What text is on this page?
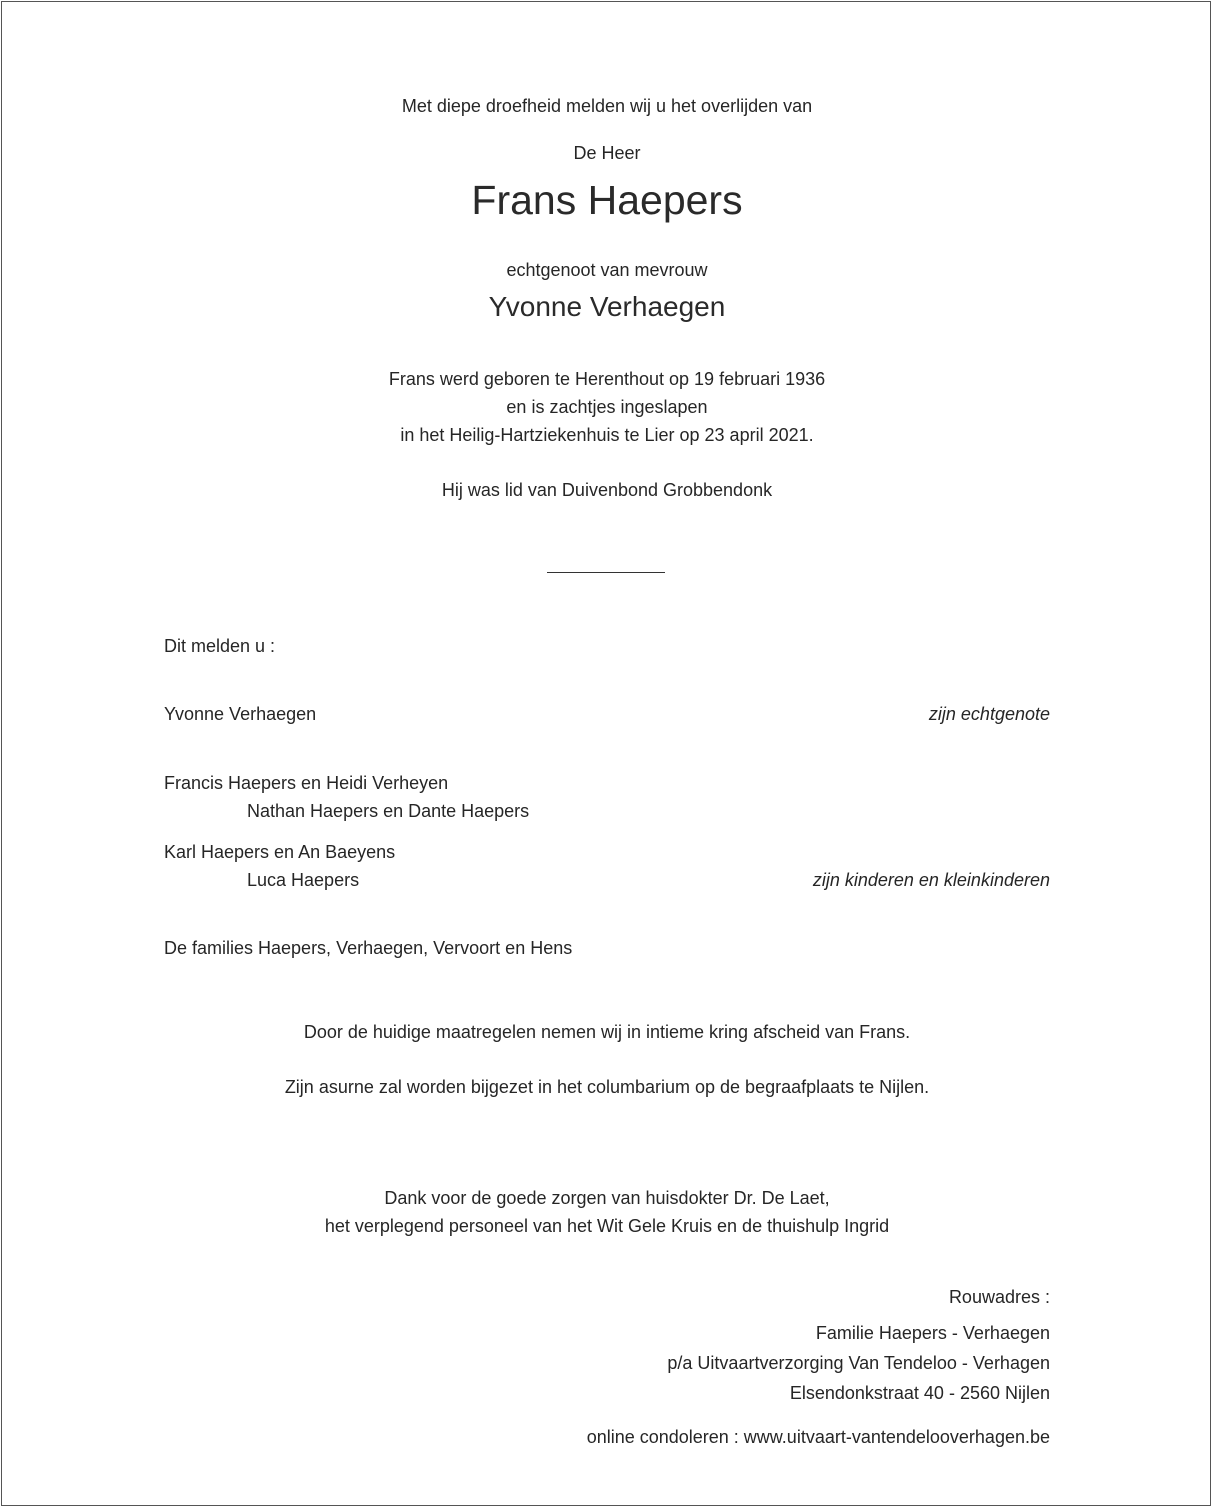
Met diepe droefheid melden wij u het overlijden van
De Heer
Frans Haepers
echtgenoot van mevrouw
Yvonne Verhaegen
Frans werd geboren te Herenthout op 19 februari 1936
en is zachtjes ingeslapen
in het Heilig-Hartziekenhuis te Lier op 23 april 2021.
Hij was lid van Duivenbond Grobbendonk
Dit melden u :
Yvonne Verhaegen	zijn echtgenote
Francis Haepers en Heidi Verheyen
Nathan Haepers en Dante Haepers
Karl Haepers en An Baeyens
Luca Haepers	zijn kinderen en kleinkinderen
De families Haepers, Verhaegen, Vervoort en Hens
Door de huidige maatregelen nemen wij in intieme kring afscheid van Frans.
Zijn asurne zal worden bijgezet in het columbarium op de begraafplaats te Nijlen.
Dank voor de goede zorgen van huisdokter Dr. De Laet,
het verplegend personeel van het Wit Gele Kruis en de thuishulp Ingrid
Rouwadres :
Familie Haepers - Verhaegen
p/a Uitvaartverzorging Van Tendeloo - Verhagen
Elsendonkstraat 40 - 2560 Nijlen
online condoleren : www.uitvaart-vantendelooverhagen.be
